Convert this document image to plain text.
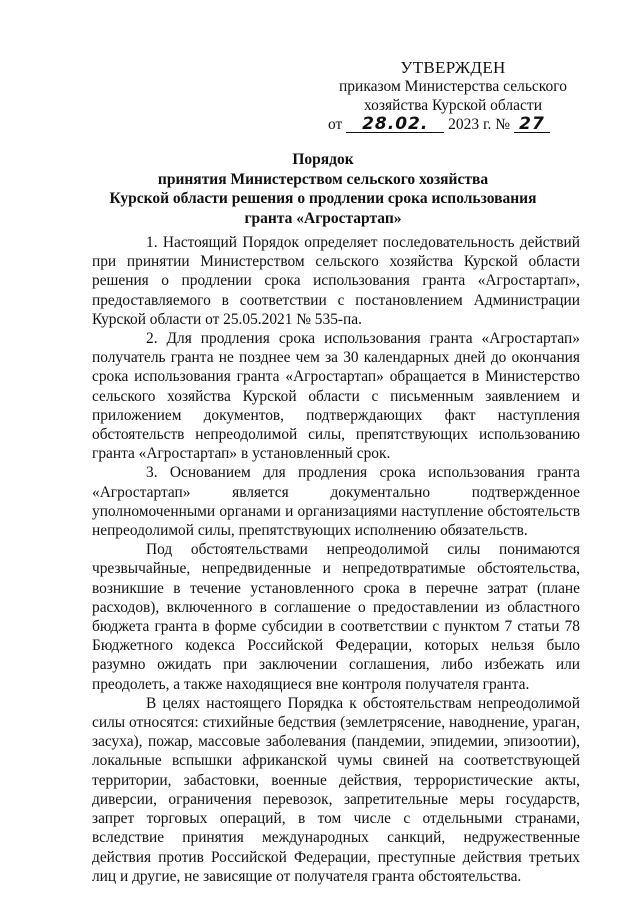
УТВЕРЖДЕН
приказом Министерства сельского
хозяйства Курской области
от 28.02. 2023 г. № 27
Порядок
принятия Министерством сельского хозяйства
Курской области решения о продлении срока использования
гранта «Агростартап»

1. Настоящий Порядок определяет последовательность действий при принятии Министерством сельского хозяйства Курской области решения о продлении срока использования гранта «Агростартап», предоставляемого в соответствии с постановлением Администрации Курской области от 25.05.2021 № 535-па.

2. Для продления срока использования гранта «Агростартап» получатель гранта не позднее чем за 30 календарных дней до окончания срока использования гранта «Агростартап» обращается в Министерство сельского хозяйства Курской области с письменным заявлением и приложением документов, подтверждающих факт наступления обстоятельств непреодолимой силы, препятствующих использованию гранта «Агростартап» в установленный срок.

3. Основанием для продления срока использования гранта «Агростартап» является документально подтвержденное уполномоченными органами и организациями наступление обстоятельств непреодолимой силы, препятствующих исполнению обязательств.

Под обстоятельствами непреодолимой силы понимаются чрезвычайные, непредвиденные и непредотвратимые обстоятельства, возникшие в течение установленного срока в перечне затрат (плане расходов), включенного в соглашение о предоставлении из областного бюджета гранта в форме субсидии в соответствии с пунктом 7 статьи 78 Бюджетного кодекса Российской Федерации, которых нельзя было разумно ожидать при заключении соглашения, либо избежать или преодолеть, а также находящиеся вне контроля получателя гранта.

В целях настоящего Порядка к обстоятельствам непреодолимой силы относятся: стихийные бедствия (землетрясение, наводнение, ураган, засуха), пожар, массовые заболевания (пандемии, эпидемии, эпизоотии), локальные вспышки африканской чумы свиней на соответствующей территории, забастовки, военные действия, террористические акты, диверсии, ограничения перевозок, запретительные меры государств, запрет торговых операций, в том числе с отдельными странами, вследствие принятия международных санкций, недружественные действия против Российской Федерации, преступные действия третьих лиц и другие, не зависящие от получателя гранта обстоятельства.
